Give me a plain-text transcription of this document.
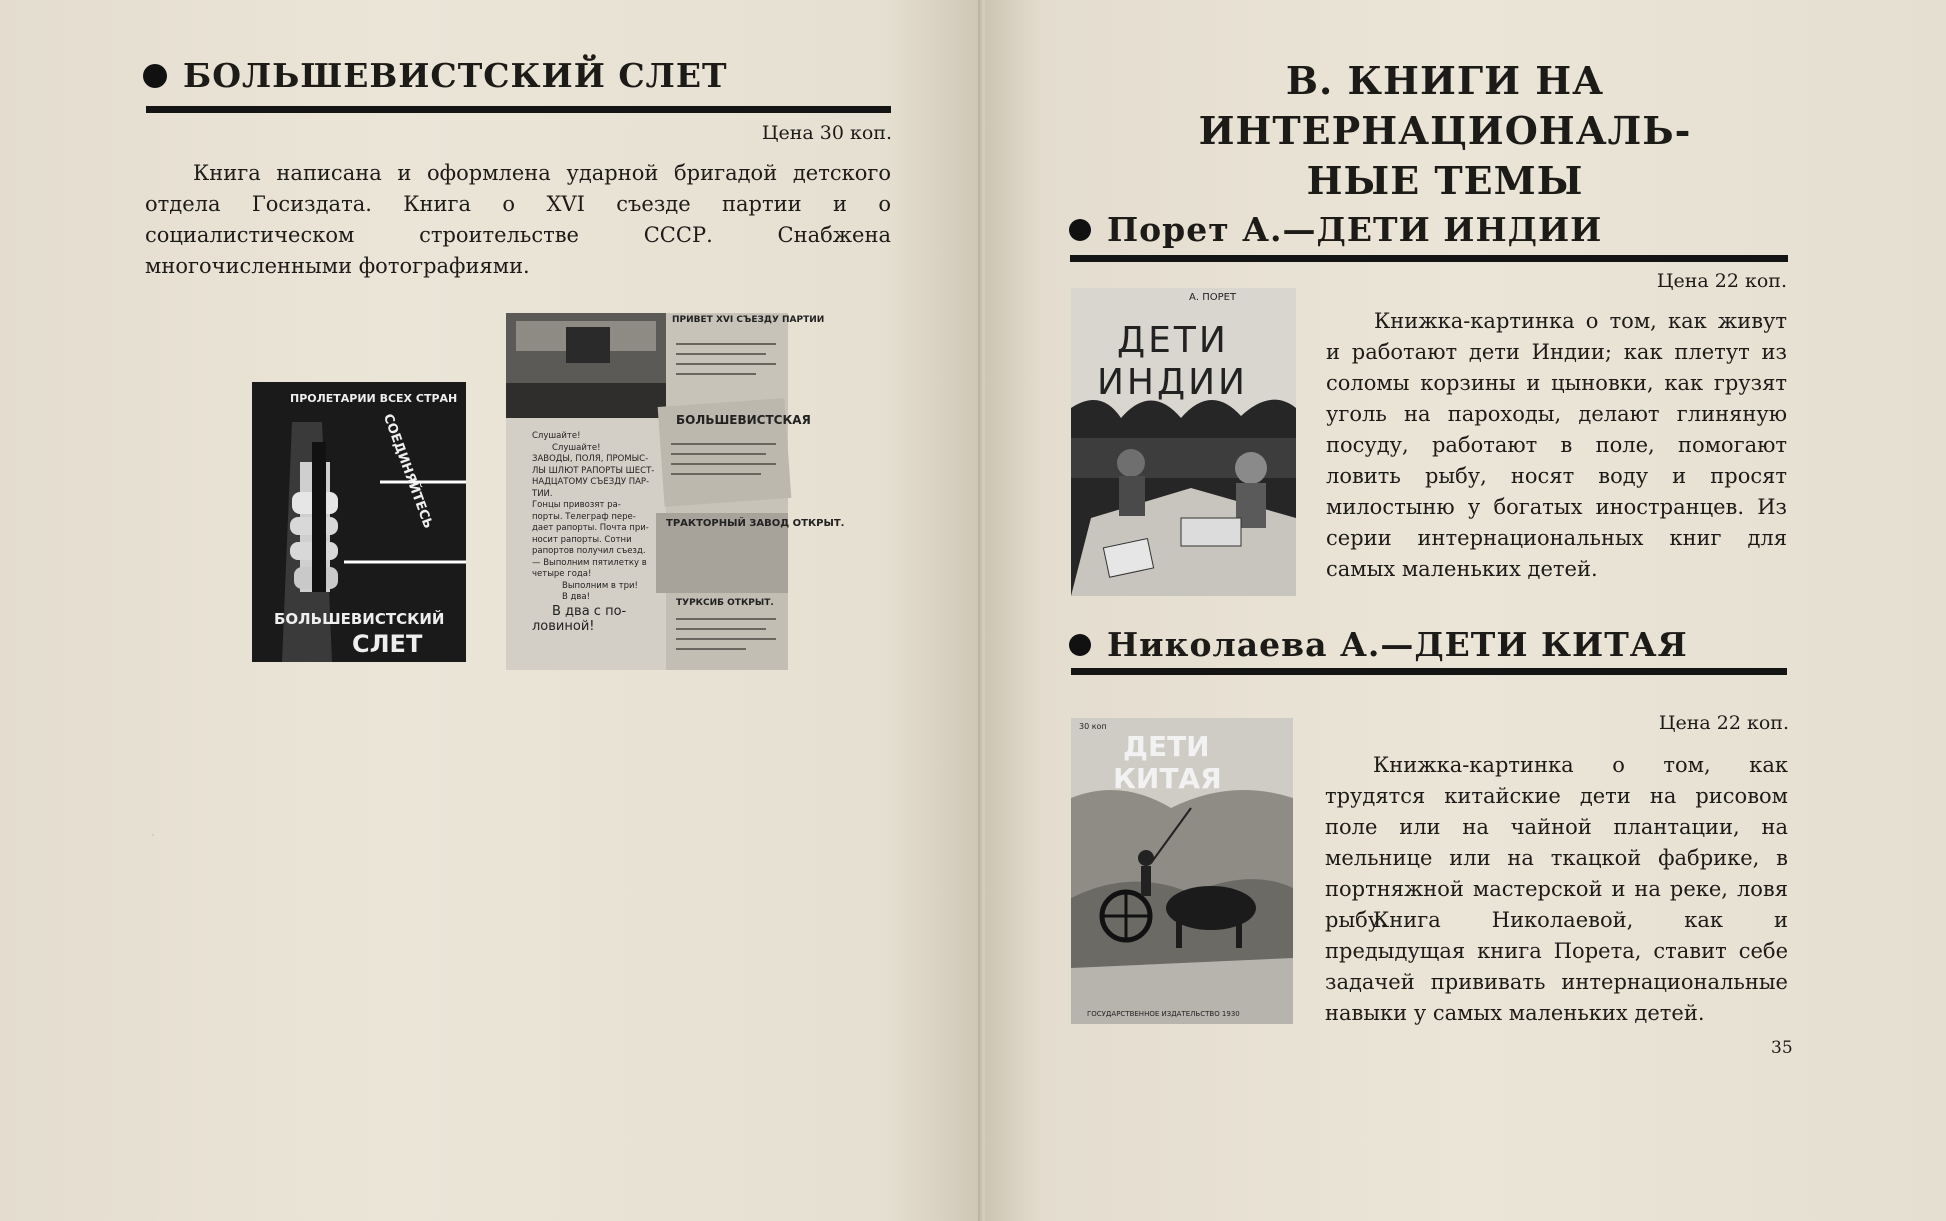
.
БОЛЬШЕВИСТСКИЙ СЛЕТ
Цена 30 коп.

Книга написана и оформлена ударной бригадой детского отдела Госиздата. Книга о XVI съезде партии и о социалистическом строительстве СССР. Снабжена многочисленными фотографиями.

ПРОЛЕТАРИИ ВСЕХ СТРАН
СОЕДИНЯЙТЕСЬ
БОЛЬШЕВИСТСКИЙ
СЛЕТ
ПРИВЕТ XVI СЪЕЗДУ ПАРТИИ
БОЛЬШЕВИСТСКАЯ
ТРАКТОРНЫЙ ЗАВОД ОТКРЫТ.
ТУРКСИБ ОТКРЫТ.
Слушайте!
Слушайте!
ЗАВОДЫ, ПОЛЯ, ПРОМЫС-
ЛЫ ШЛЮТ РАПОРТЫ ШЕСТ-
НАДЦАТОМУ СЪЕЗДУ ПАР-
ТИИ.
Гонцы привозят ра-
порты. Телеграф пере-
дает рапорты. Почта при-
носит рапорты. Сотни
рапортов получил съезд.
— Выполним пятилетку в
четыре года!
Выполним в три!
В два!
В два с по-
ловиной!
В. КНИГИ НА ИНТЕРНАЦИОНАЛЬ-
НЫЕ ТЕМЫ
Порет А. — ДЕТИ ИНДИИ
Цена 22 коп.
А. ПОРЕТ
ДЕТИ
ИНДИИ

Книжка-картинка о том, как живут и работают дети Индии; как плетут из соломы корзины и цыновки, как грузят уголь на пароходы, делают глиняную посуду, работают в поле, помогают ловить рыбу, носят воду и просят милостыню у богатых иностранцев. Из серии интернациональных книг для самых маленьких детей.

Николаева А. — ДЕТИ КИТАЯ
Цена 22 коп.
30 коп
ДЕТИ
КИТАЯ
ГОСУДАРСТВЕННОЕ ИЗДАТЕЛЬСТВО 1930

Книжка-картинка о том, как трудятся китайские дети на рисовом поле или на чайной плантации, на мельнице или на ткацкой фабрике, в портняжной мастерской и на реке, ловя рыбу.

Книга Николаевой, как и предыдущая книга Порета, ставит себе задачей прививать интернациональные навыки у самых маленьких детей.

35
